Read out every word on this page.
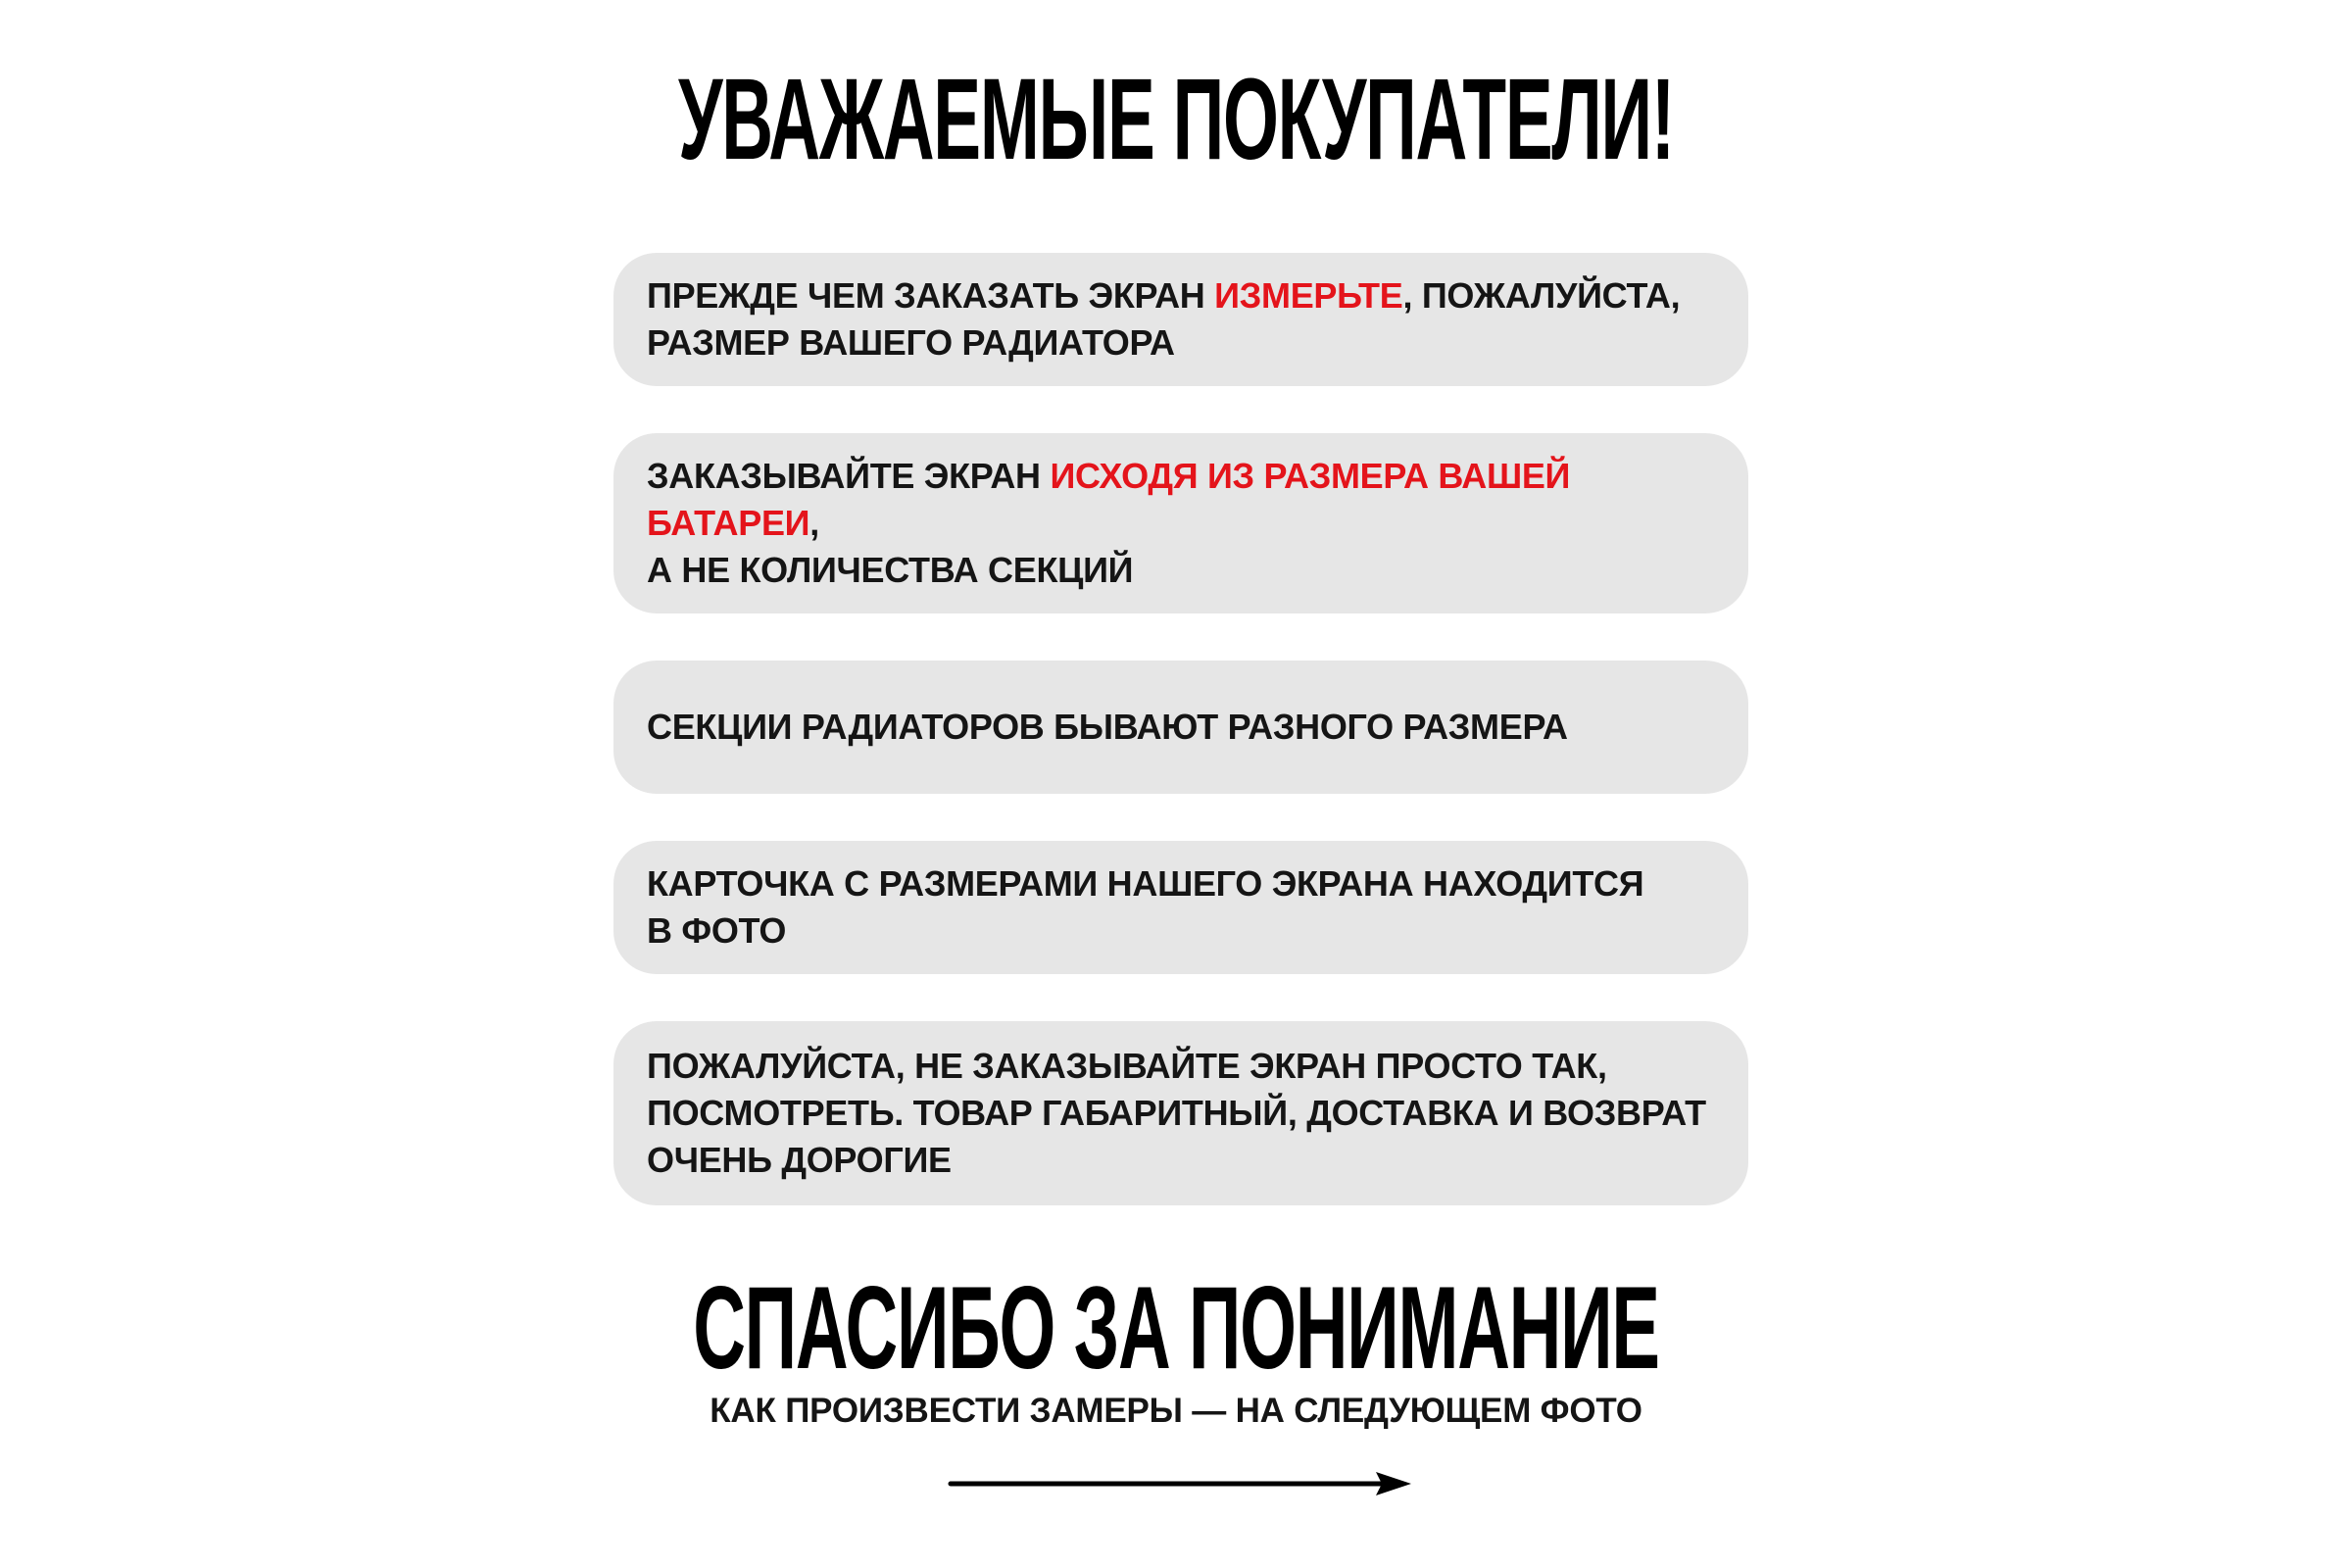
УВАЖАЕМЫЕ ПОКУПАТЕЛИ!
ПРЕЖДЕ ЧЕМ ЗАКАЗАТЬ ЭКРАН ИЗМЕРЬТЕ, ПОЖАЛУЙСТА,
РАЗМЕР ВАШЕГО РАДИАТОРА
ЗАКАЗЫВАЙТЕ ЭКРАН ИСХОДЯ ИЗ РАЗМЕРА ВАШЕЙ БАТАРЕИ,
А НЕ КОЛИЧЕСТВА СЕКЦИЙ
СЕКЦИИ РАДИАТОРОВ БЫВАЮТ РАЗНОГО РАЗМЕРА
КАРТОЧКА С РАЗМЕРАМИ НАШЕГО ЭКРАНА НАХОДИТСЯ
В ФОТО
ПОЖАЛУЙСТА, НЕ ЗАКАЗЫВАЙТЕ ЭКРАН ПРОСТО ТАК,
ПОСМОТРЕТЬ. ТОВАР ГАБАРИТНЫЙ, ДОСТАВКА И ВОЗВРАТ
ОЧЕНЬ ДОРОГИЕ
СПАСИБО ЗА ПОНИМАНИЕ
КАК ПРОИЗВЕСТИ ЗАМЕРЫ — НА СЛЕДУЮЩЕМ ФОТО
